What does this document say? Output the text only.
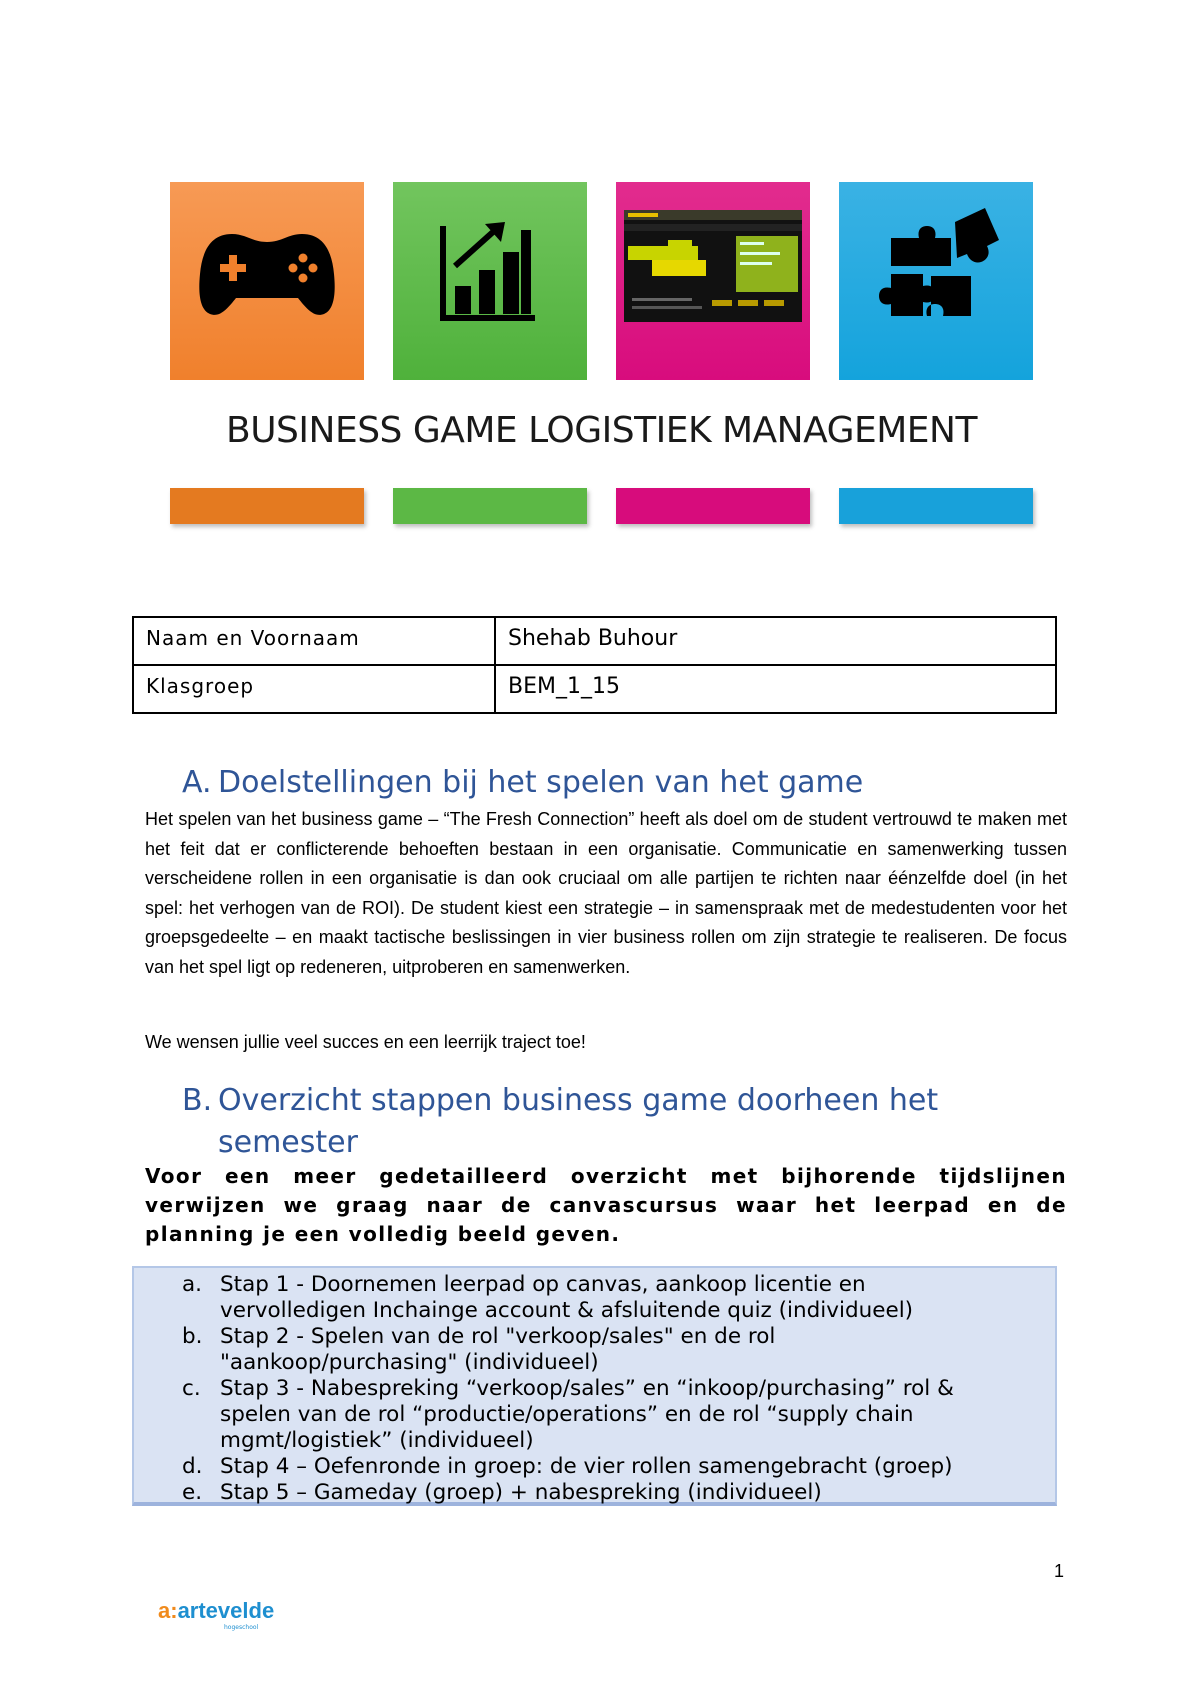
BUSINESS GAME LOGISTIEK MANAGEMENT
Naam en Voornaam	Shehab Buhour
Klasgroep	BEM_1_15
A. Doelstellingen bij het spelen van het game
Het spelen van het business game – “The Fresh Connection” heeft als doel om de student vertrouwd te maken met het feit dat er conflicterende behoeften bestaan in een organisatie. Communicatie en samenwerking tussen verscheidene rollen in een organisatie is dan ook cruciaal om alle partijen te richten naar éénzelfde doel (in het spel: het verhogen van de ROI). De student kiest een strategie – in samenspraak met de medestudenten voor het groepsgedeelte – en maakt tactische beslissingen in vier business rollen om zijn strategie te realiseren. De focus van het spel ligt op redeneren, uitproberen en samenwerken.
We wensen jullie veel succes en een leerrijk traject toe!
B. Overzicht stappen business game doorheen het
semester
Voor een meer gedetailleerd overzicht met bijhorende tijdslijnen verwijzen we graag naar de canvascursus waar het leerpad en de planning je een volledig beeld geven.
a. Stap 1 - Doornemen leerpad op canvas, aankoop licentie en vervolledigen Inchainge account & afsluitende quiz (individueel)
b. Stap 2 - Spelen van de rol "verkoop/sales" en de rol "aankoop/purchasing" (individueel)
c. Stap 3 - Nabespreking “verkoop/sales” en “inkoop/purchasing” rol & spelen van de rol “productie/operations” en de rol “supply chain mgmt/logistiek” (individueel)
d. Stap 4 – Oefenronde in groep: de vier rollen samengebracht (groep)
e. Stap 5 – Gameday (groep) + nabespreking (individueel)
1
a:artevelde
hogeschool
